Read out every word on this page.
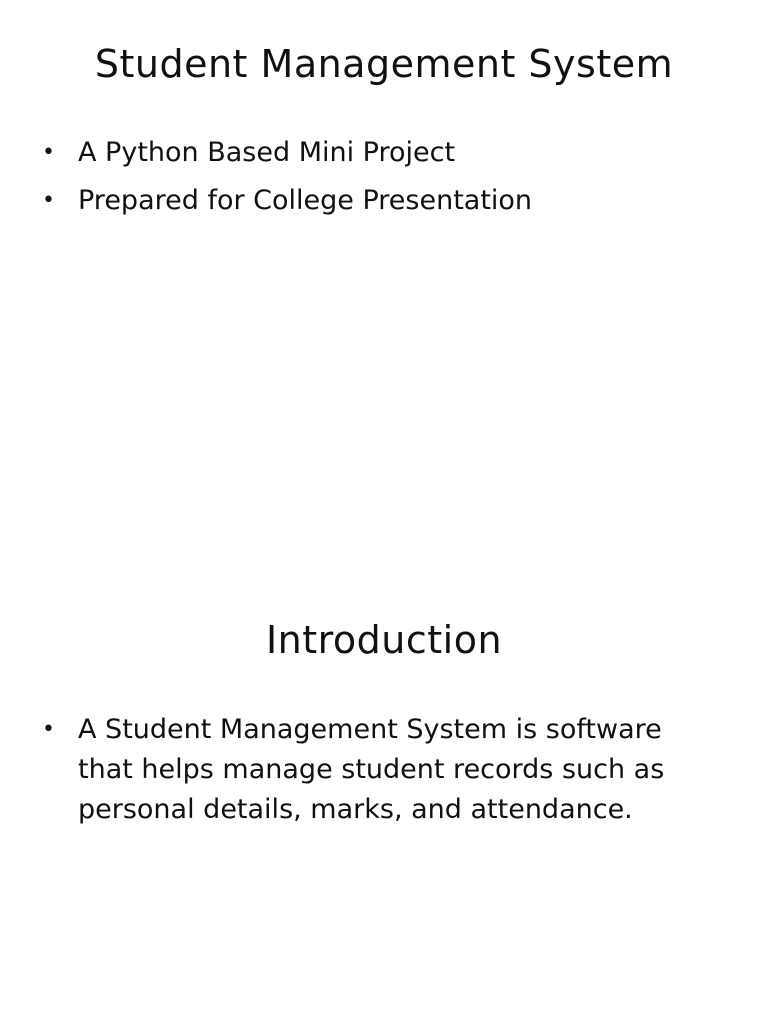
Student Management System
• A Python Based Mini Project
• Prepared for College Presentation
Introduction
• A Student Management System is software that helps manage student records such as personal details, marks, and attendance.
